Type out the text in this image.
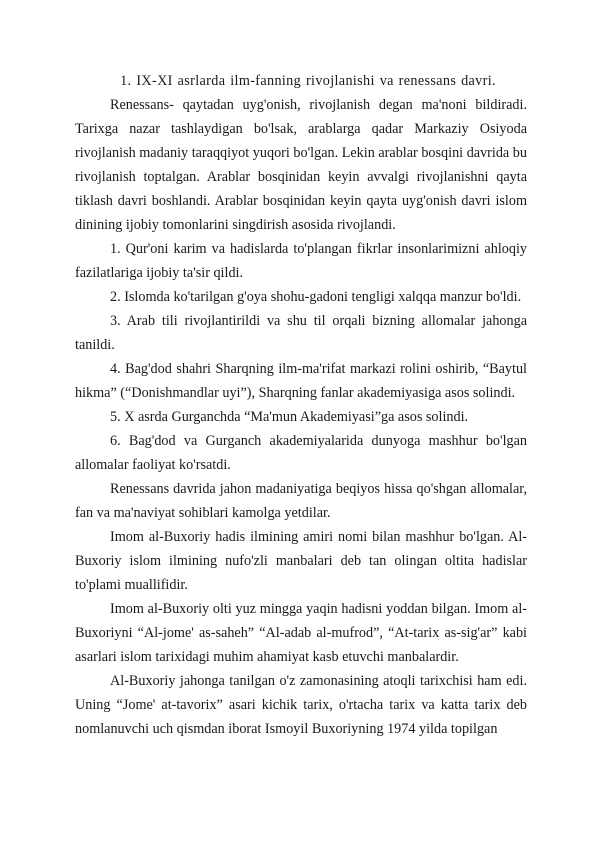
1. IX-XI asrlarda ilm-fanning rivojlanishi va renessans davri.

Renessans- qaytadan uyg'onish, rivojlanish degan ma'noni bildiradi. Tarixga nazar tashlaydigan bo'lsak, arablarga qadar Markaziy Osiyoda rivojlanish madaniy taraqqiyot yuqori bo'lgan. Lekin arablar bosqini davrida bu rivojlanish toptalgan. Arablar bosqinidan keyin avvalgi rivojlanishni qayta tiklash davri boshlandi. Arablar bosqinidan keyin qayta uyg'onish davri islom dinining ijobiy tomonlarini singdirish asosida rivojlandi.

1. Qur'oni karim va hadislarda to'plangan fikrlar insonlarimizni ahloqiy fazilatlariga ijobiy ta'sir qildi.

2. Islomda ko'tarilgan g'oya shohu-gadoni tengligi xalqqa manzur bo'ldi.

3. Arab tili rivojlantirildi va shu til orqali bizning allomalar jahonga tanildi.

4. Bag'dod shahri Sharqning ilm-ma'rifat markazi rolini oshirib, “Baytul hikma” (“Donishmandlar uyi”), Sharqning fanlar akademiyasiga asos solindi.

5. X asrda Gurganchda “Ma'mun Akademiyasi”ga asos solindi.

6. Bag'dod va Gurganch akademiyalarida dunyoga mashhur bo'lgan allomalar faoliyat ko'rsatdi.

Renessans davrida jahon madaniyatiga beqiyos hissa qo'shgan allomalar, fan va ma'naviyat sohiblari kamolga yetdilar.

Imom al-Buxoriy hadis ilmining amiri nomi bilan mashhur bo'lgan. Al-Buxoriy islom ilmining nufo'zli manbalari deb tan olingan oltita hadislar to'plami muallifidir.

Imom al-Buxoriy olti yuz mingga yaqin hadisni yoddan bilgan. Imom al-Buxoriyni “Al-jome' as-saheh” “Al-adab al-mufrod”, “At-tarix as-sig'ar” kabi asarlari islom tarixidagi muhim ahamiyat kasb etuvchi manbalardir.

Al-Buxoriy jahonga tanilgan o'z zamonasining atoqli tarixchisi ham edi. Uning “Jome' at-tavorix” asari kichik tarix, o'rtacha tarix va katta tarix deb nomlanuvchi uch qismdan iborat Ismoyil Buxoriyning 1974 yilda topilgan
